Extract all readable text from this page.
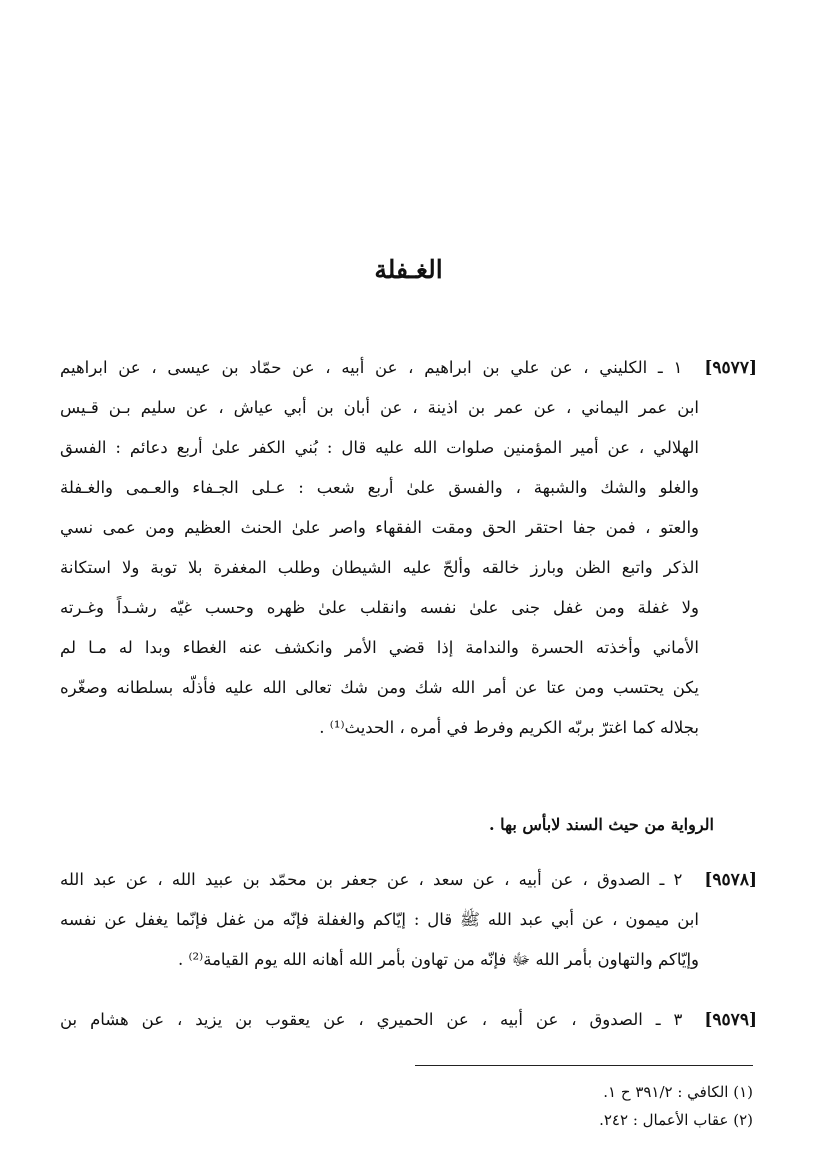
الغـفلة
[٩٥٧٧]١ ـ الكليني ، عن علي بن ابراهيم ، عن أبيه ، عن حمّاد بن عيسى ، عن ابراهيم
ابن عمر اليماني ، عن عمر بن اذينة ، عن أبان بن أبي عياش ، عن سليم بـن قـيس
الهلالي ، عن أمير المؤمنين صلوات الله عليه قال : بُني الكفر علىٰ أربع دعائم : الفسق
والغلو والشك والشبهة ، والفسق علىٰ أربع شعب : عـلى الجـفاء والعـمى والغـفلة
والعتو ، فمن جفا احتقر الحق ومقت الفقهاء واصر علىٰ الحنث العظيم ومن عمى نسي
الذكر واتبع الظن وبارز خالقه وألحّ عليه الشيطان وطلب المغفرة بلا توبة ولا استكانة
ولا غفلة ومن غفل جنى علىٰ نفسه وانقلب علىٰ ظهره وحسب غيّه رشـداً وغـرته
الأماني وأخذته الحسرة والندامة إذا قضي الأمر وانكشف عنه الغطاء وبدا له مـا لم
يكن يحتسب ومن عتا عن أمر الله شك ومن شك تعالى الله عليه فأذلّه بسلطانه وصغّره
بجلاله كما اغترّ بربّه الكريم وفرط في أمره ، الحديث⁽¹⁾ .
الرواية من حيث السند لابأس بها .
[٩٥٧٨]٢ ـ الصدوق ، عن أبيه ، عن سعد ، عن جعفر بن محمّد بن عبيد الله ، عن عبد الله
ابن ميمون ، عن أبي عبد الله ﷺ قال : إيّاكم والغفلة فإنّه من غفل فإنّما يغفل عن نفسه
وإيّاكم والتهاون بأمر الله ﷻ فإنّه من تهاون بأمر الله أهانه الله يوم القيامة⁽²⁾ .
[٩٥٧٩]٣ ـ الصدوق ، عن أبيه ، عن الحميري ، عن يعقوب بن يزيد ، عن هشام بن
(١) الكافي : ٣٩١/٢ ح ١.
(٢) عقاب الأعمال : ٢٤٢.
